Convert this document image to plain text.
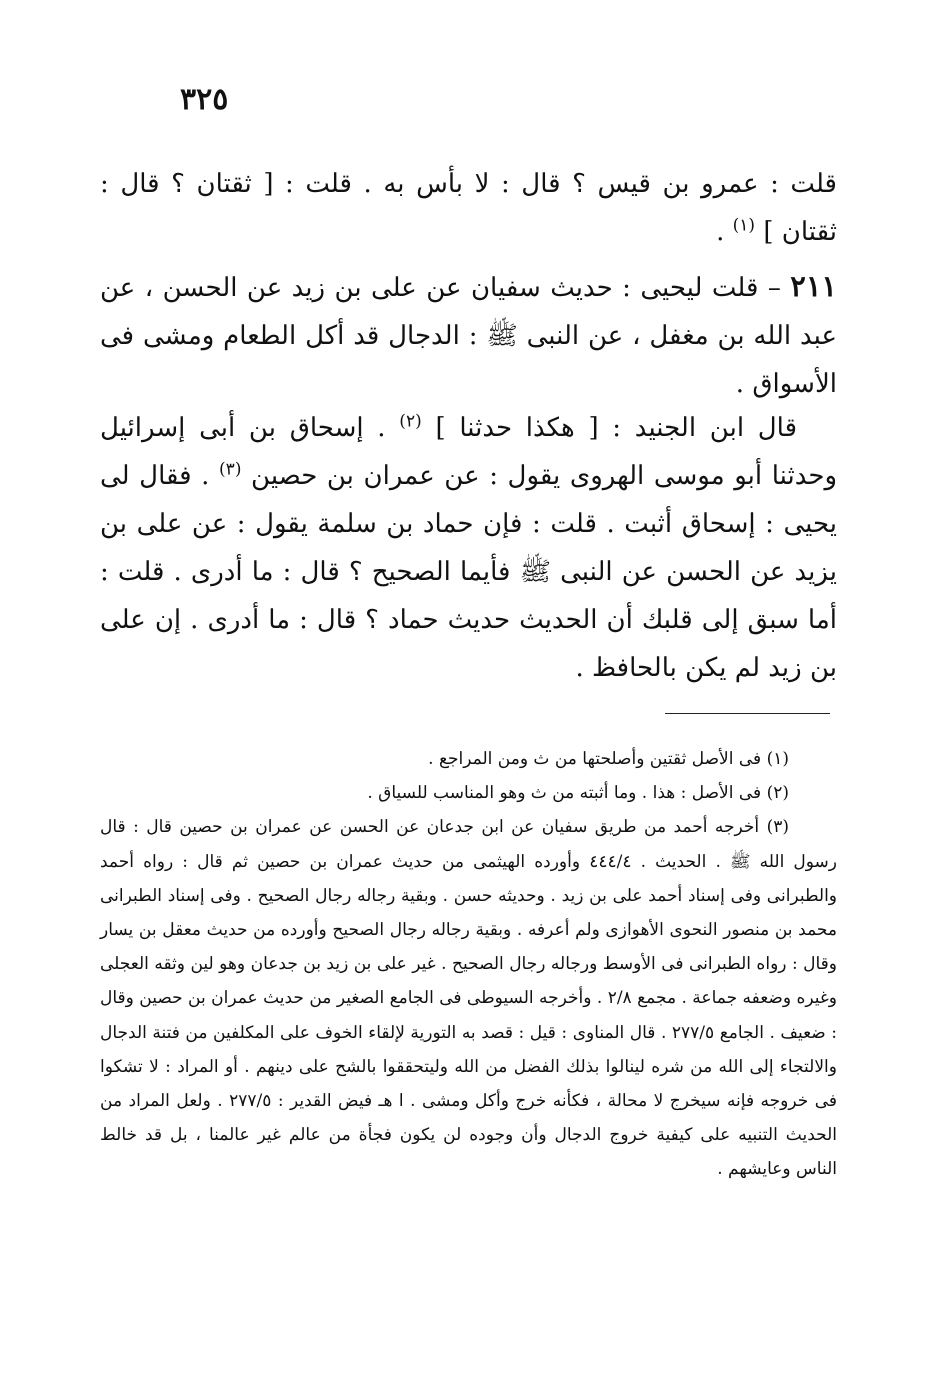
٣٢٥

قلت : عمرو بن قيس ؟ قال : لا بأس به . قلت : [ ثقتان ؟ قال : ثقتان ] $^{(١)}$ .

٢١١ – قلت ليحيى : حديث سفيان عن على بن زيد عن الحسن ، عن عبد الله بن مغفل ، عن النبى ﷺ : الدجال قد أكل الطعام ومشى فى الأسواق .

قال ابن الجنيد : [ هكذا حدثنا ] $^{(٢)}$ . إسحاق بن أبى إسرائيل وحدثنا أبو موسى الهروى يقول : عن عمران بن حصين $^{(٣)}$ . فقال لى يحيى : إسحاق أثبت . قلت : فإن حماد بن سلمة يقول : عن على بن يزيد عن الحسن عن النبى ﷺ فأيما الصحيح ؟ قال : ما أدرى . قلت : أما سبق إلى قلبك أن الحديث حديث حماد ؟ قال : ما أدرى . إن على بن زيد لم يكن بالحافظ .

(١) فى الأصل ثقتين وأصلحتها من ث ومن المراجع .

(٢) فى الأصل : هذا . وما أثبته من ث وهو المناسب للسياق .

(٣) أخرجه أحمد من طريق سفيان عن ابن جدعان عن الحسن عن عمران بن حصين قال : قال رسول الله ﷺ . الحديث . ٤٤٤/٤ وأورده الهيثمى من حديث عمران بن حصين ثم قال : رواه أحمد والطبرانى وفى إسناد أحمد على بن زيد . وحديثه حسن . وبقية رجاله رجال الصحيح . وفى إسناد الطبرانى محمد بن منصور النحوى الأهوازى ولم أعرفه . وبقية رجاله رجال الصحيح وأورده من حديث معقل بن يسار وقال : رواه الطبرانى فى الأوسط ورجاله رجال الصحيح . غير على بن زيد بن جدعان وهو لين وثقه العجلى وغيره وضعفه جماعة . مجمع ٢/٨ . وأخرجه السيوطى فى الجامع الصغير من حديث عمران بن حصين وقال : ضعيف . الجامع ٢٧٧/٥ . قال المناوى : قيل : قصد به التورية لإلقاء الخوف على المكلفين من فتنة الدجال والالتجاء إلى الله من شره لينالوا بذلك الفضل من الله وليتحققوا بالشح على دينهم . أو المراد : لا تشكوا فى خروجه فإنه سيخرج لا محالة ، فكأنه خرج وأكل ومشى . ا هـ فيض القدير : ٢٧٧/٥ . ولعل المراد من الحديث التنبيه على كيفية خروج الدجال وأن وجوده لن يكون فجأة من عالم غير عالمنا ، بل قد خالط الناس وعايشهم .
